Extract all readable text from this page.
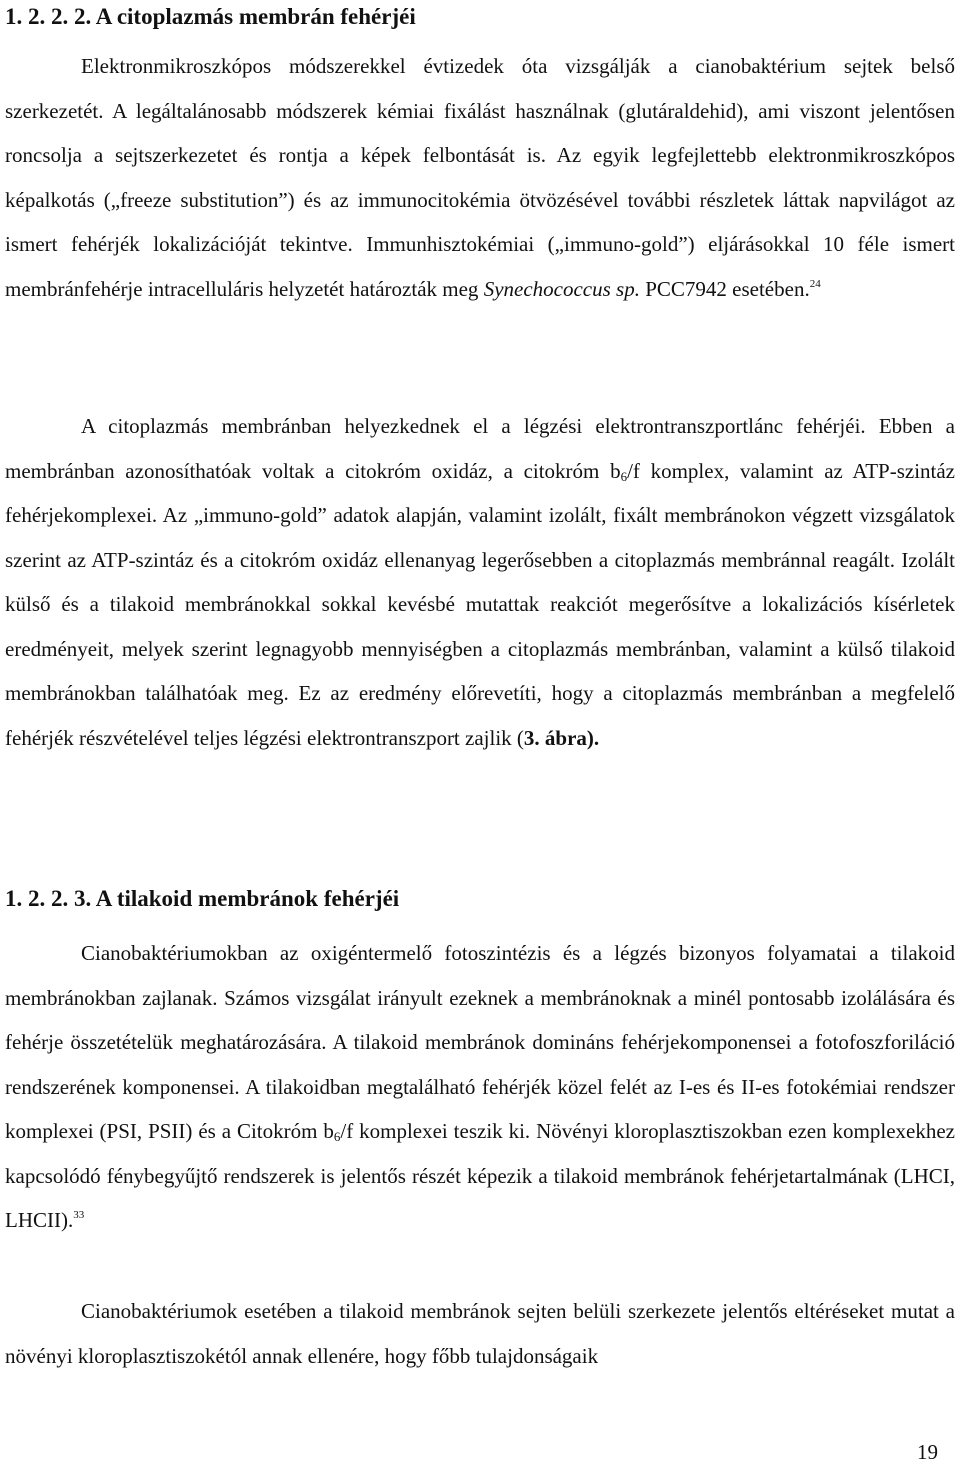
1. 2. 2. 2. A citoplazmás membrán fehérjéi

Elektronmikroszkópos módszerekkel évtizedek óta vizsgálják a cianobaktérium sejtek belső szerkezetét. A legáltalánosabb módszerek kémiai fixálást használnak (glutáraldehid), ami viszont jelentősen roncsolja a sejtszerkezetet és rontja a képek felbontását is. Az egyik legfejlettebb elektronmikroszkópos képalkotás („freeze substitution”) és az immunocitokémia ötvözésével további részletek láttak napvilágot az ismert fehérjék lokalizációját tekintve. Immunhisztokémiai („immuno-gold”) eljárásokkal 10 féle ismert membránfehérje intracelluláris helyzetét határozták meg Synechococcus sp. PCC7942 esetében.$^{24}$

A citoplazmás membránban helyezkednek el a légzési elektrontranszportlánc fehérjéi. Ebben a membránban azonosíthatóak voltak a citokróm oxidáz, a citokróm $b_6/f$ komplex, valamint az ATP-szintáz fehérjekomplexei. Az „immuno-gold” adatok alapján, valamint izolált, fixált membránokon végzett vizsgálatok szerint az ATP-szintáz és a citokróm oxidáz ellenanyag legerősebben a citoplazmás membránnal reagált. Izolált külső és a tilakoid membránokkal sokkal kevésbé mutattak reakciót megerősítve a lokalizációs kísérletek eredményeit, melyek szerint legnagyobb mennyiségben a citoplazmás membránban, valamint a külső tilakoid membránokban találhatóak meg. Ez az eredmény előrevetíti, hogy a citoplazmás membránban a megfelelő fehérjék részvételével teljes légzési elektrontranszport zajlik (3. ábra).

1. 2. 2. 3. A tilakoid membránok fehérjéi

Cianobaktériumokban az oxigéntermelő fotoszintézis és a légzés bizonyos folyamatai a tilakoid membránokban zajlanak. Számos vizsgálat irányult ezeknek a membránoknak a minél pontosabb izolálására és fehérje összetételük meghatározására. A tilakoid membránok domináns fehérjekomponensei a fotofoszforiláció rendszerének komponensei. A tilakoidban megtalálható fehérjék közel felét az I-es és II-es fotokémiai rendszer komplexei (PSI, PSII) és a Citokróm $b_6/f$ komplexei teszik ki. Növényi kloroplasztiszokban ezen komplexekhez kapcsolódó fénybegyűjtő rendszerek is jelentős részét képezik a tilakoid membránok fehérjetartalmának (LHCI, LHCII).$^{33}$

Cianobaktériumok esetében a tilakoid membránok sejten belüli szerkezete jelentős eltéréseket mutat a növényi kloroplasztiszokétól annak ellenére, hogy főbb tulajdonságaik

19
